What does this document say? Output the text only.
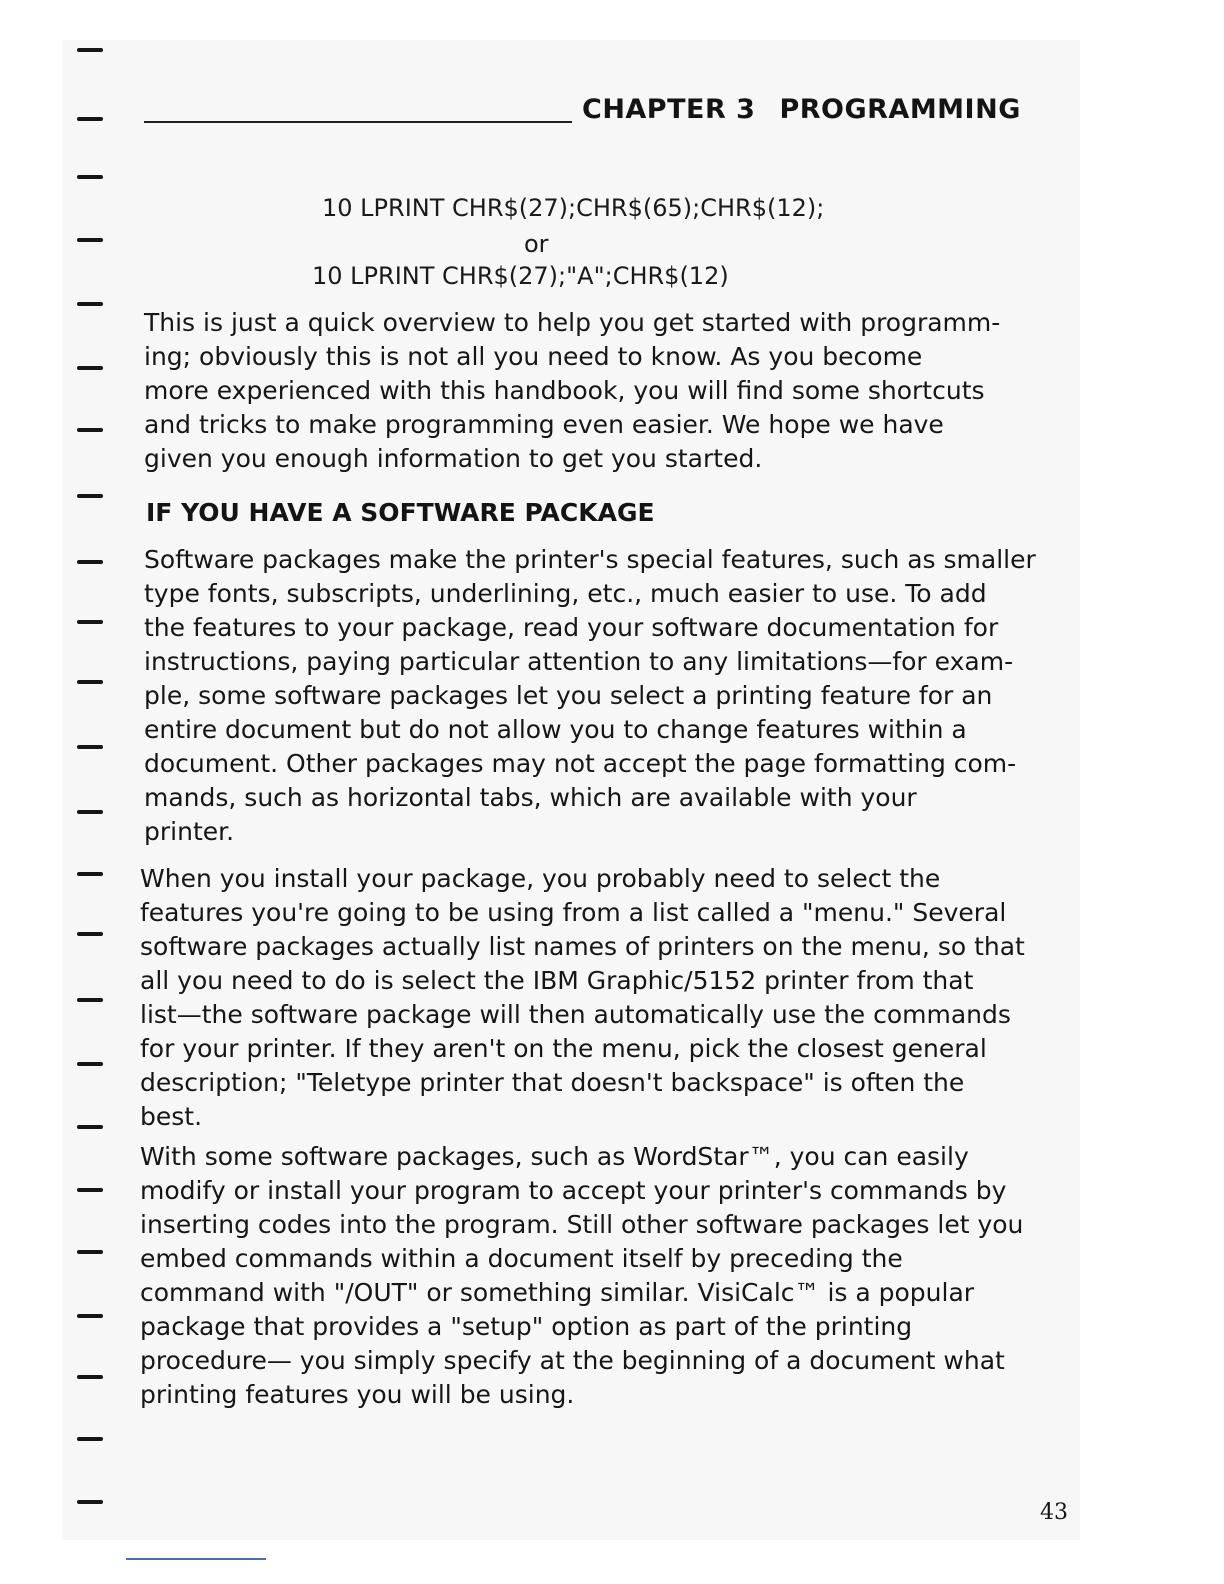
CHAPTER 3 PROGRAMMING
10 LPRINT CHR$(27);CHR$(65);CHR$(12);
or
10 LPRINT CHR$(27);"A";CHR$(12)
This is just a quick overview to help you get started with programm-
ing; obviously this is not all you need to know. As you become
more experienced with this handbook, you will find some shortcuts
and tricks to make programming even easier. We hope we have
given you enough information to get you started.
IF YOU HAVE A SOFTWARE PACKAGE
Software packages make the printer's special features, such as smaller
type fonts, subscripts, underlining, etc., much easier to use. To add
the features to your package, read your software documentation for
instructions, paying particular attention to any limitations—for exam-
ple, some software packages let you select a printing feature for an
entire document but do not allow you to change features within a
document. Other packages may not accept the page formatting com-
mands, such as horizontal tabs, which are available with your
printer.
When you install your package, you probably need to select the
features you're going to be using from a list called a "menu." Several
software packages actually list names of printers on the menu, so that
all you need to do is select the IBM Graphic/5152 printer from that
list—the software package will then automatically use the commands
for your printer. If they aren't on the menu, pick the closest general
description; "Teletype printer that doesn't backspace" is often the
best.
With some software packages, such as WordStar™, you can easily
modify or install your program to accept your printer's commands by
inserting codes into the program. Still other software packages let you
embed commands within a document itself by preceding the
command with "/OUT" or something similar. VisiCalc™ is a popular
package that provides a "setup" option as part of the printing
procedure— you simply specify at the beginning of a document what
printing features you will be using.
43
